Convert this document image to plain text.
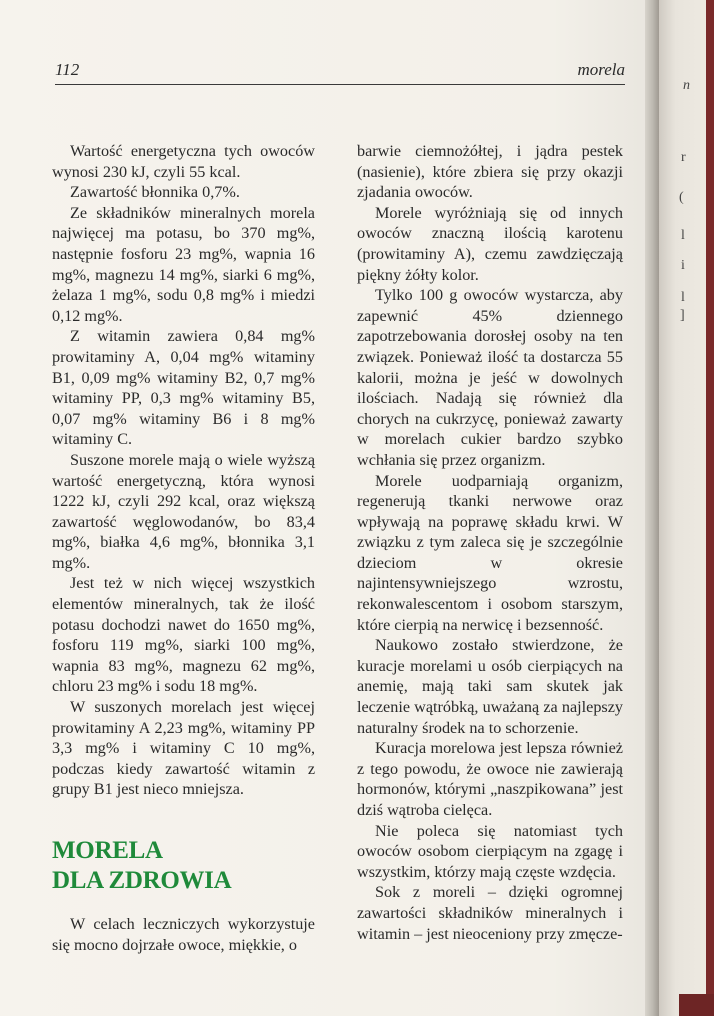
112	morela

Wartość energetyczna tych owoców wynosi 230 kJ, czyli 55 kcal.

Zawartość błonnika 0,7%.

Ze składników mineralnych morela najwięcej ma potasu, bo 370 mg%, następnie fosforu 23 mg%, wapnia 16 mg%, magnezu 14 mg%, siarki 6 mg%, żelaza 1 mg%, sodu 0,8 mg% i miedzi 0,12 mg%.

Z witamin zawiera 0,84 mg% prowitaminy A, 0,04 mg% witaminy B1, 0,09 mg% witaminy B2, 0,7 mg% witaminy PP, 0,3 mg% witaminy B5, 0,07 mg% witaminy B6 i 8 mg% witaminy C.

Suszone morele mają o wiele wyższą wartość energetyczną, która wynosi 1222 kJ, czyli 292 kcal, oraz większą zawartość węglowodanów, bo 83,4 mg%, białka 4,6 mg%, błonnika 3,1 mg%.

Jest też w nich więcej wszystkich elementów mineralnych, tak że ilość potasu dochodzi nawet do 1650 mg%, fosforu 119 mg%, siarki 100 mg%, wapnia 83 mg%, magnezu 62 mg%, chloru 23 mg% i sodu 18 mg%.

W suszonych morelach jest więcej prowitaminy A 2,23 mg%, witaminy PP 3,3 mg% i witaminy C 10 mg%, podczas kiedy zawartość witamin z grupy B1 jest nieco mniejsza.

MORELA
DLA ZDROWIA

W celach leczniczych wykorzystuje się mocno dojrzałe owoce, miękkie, o

barwie ciemnożółtej, i jądra pestek (nasienie), które zbiera się przy okazji zjadania owoców.

Morele wyróżniają się od innych owoców znaczną ilością karotenu (prowitaminy A), czemu zawdzięczają piękny żółty kolor.

Tylko 100 g owoców wystarcza, aby zapewnić 45% dziennego zapotrzebowania dorosłej osoby na ten związek. Ponieważ ilość ta dostarcza 55 kalorii, można je jeść w dowolnych ilościach. Nadają się również dla chorych na cukrzycę, ponieważ zawarty w morelach cukier bardzo szybko wchłania się przez organizm.

Morele uodparniają organizm, regenerują tkanki nerwowe oraz wpływają na poprawę składu krwi. W związku z tym zaleca się je szczególnie dzieciom w okresie najintensywniejszego wzrostu, rekonwalescentom i osobom starszym, które cierpią na nerwicę i bezsenność.

Naukowo zostało stwierdzone, że kuracje morelami u osób cierpiących na anemię, mają taki sam skutek jak leczenie wątróbką, uważaną za najlepszy naturalny środek na to schorzenie.

Kuracja morelowa jest lepsza również z tego powodu, że owoce nie zawierają hormonów, którymi „naszpikowana” jest dziś wątroba cielęca.

Nie poleca się natomiast tych owoców osobom cierpiącym na zgagę i wszystkim, którzy mają częste wzdęcia.

Sok z moreli – dzięki ogromnej zawartości składników mineralnych i witamin – jest nieoceniony przy zmęcze-

n
r
(
l
i
l
]
